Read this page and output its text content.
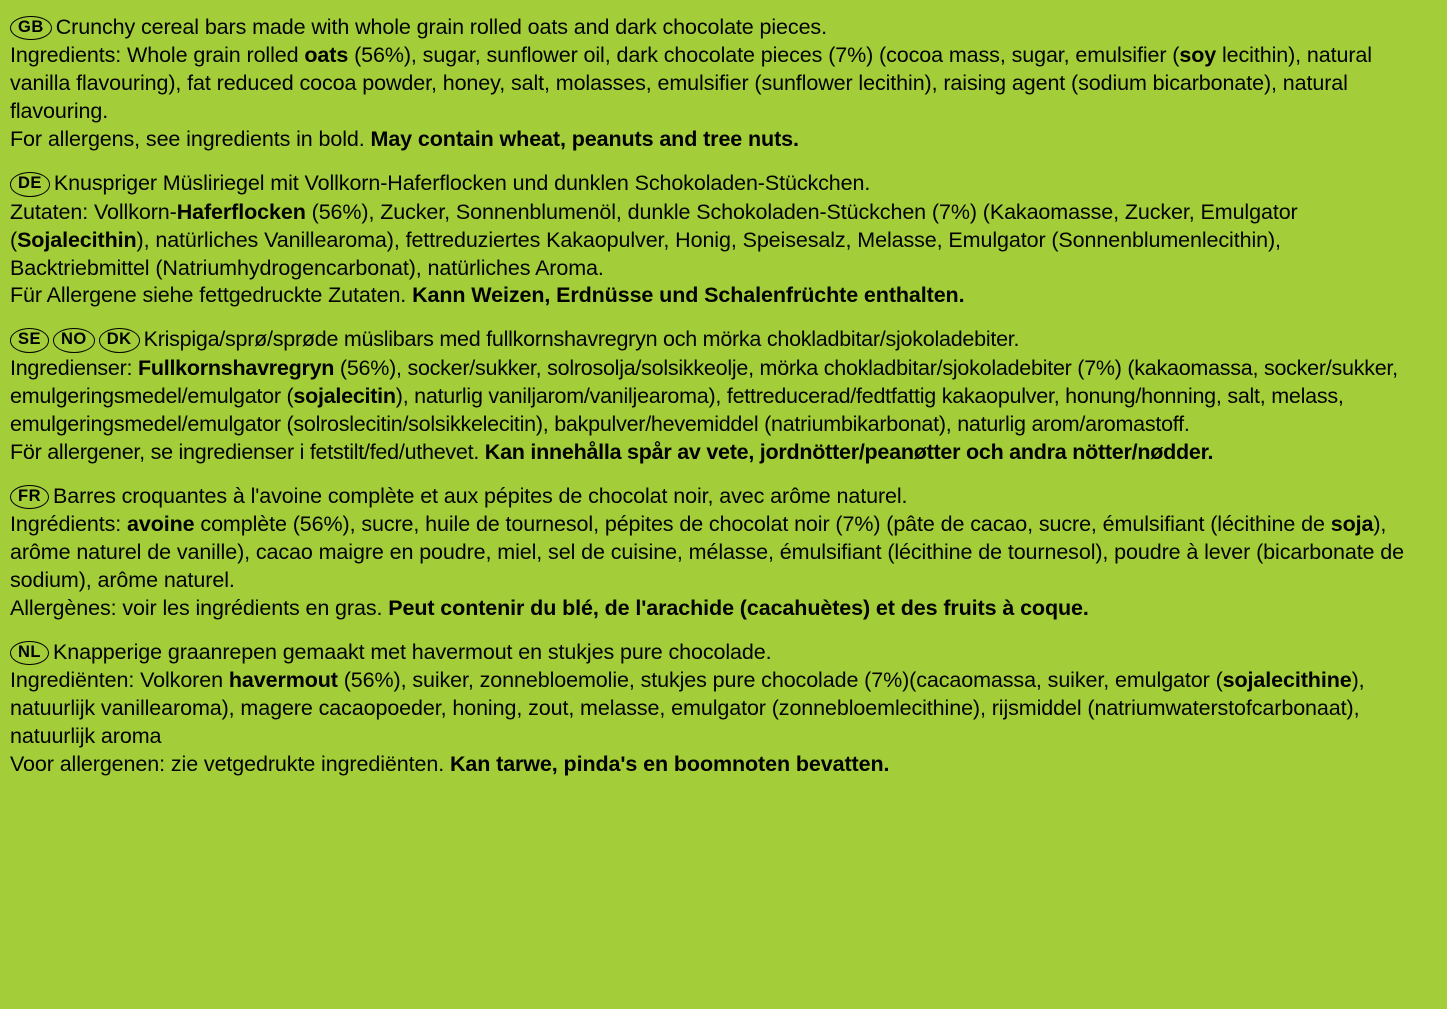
GB Crunchy cereal bars made with whole grain rolled oats and dark chocolate pieces.
Ingredients: Whole grain rolled oats (56%), sugar, sunflower oil, dark chocolate pieces (7%) (cocoa mass, sugar, emulsifier (soy lecithin), natural vanilla flavouring), fat reduced cocoa powder, honey, salt, molasses, emulsifier (sunflower lecithin), raising agent (sodium bicarbonate), natural flavouring.
For allergens, see ingredients in bold. May contain wheat, peanuts and tree nuts.
DE Knuspriger Müsliriegel mit Vollkorn-Haferflocken und dunklen Schokoladen-Stückchen.
Zutaten: Vollkorn-Haferflocken (56%), Zucker, Sonnenblumenöl, dunkle Schokoladen-Stückchen (7%) (Kakaomasse, Zucker, Emulgator (Sojalecithin), natürliches Vanillearoma), fettreduziertes Kakaopulver, Honig, Speisesalz, Melasse, Emulgator (Sonnenblumenlecithin), Backtriebmittel (Natriumhydrogencarbonat), natürliches Aroma.
Für Allergene siehe fettgedruckte Zutaten. Kann Weizen, Erdnüsse und Schalenfrüchte enthalten.
SE NO DK Krispiga/sprø/sprøde müslibars med fullkornshavregryn och mörka chokladbitar/sjokoladebiter.
Ingredienser: Fullkornshavregryn (56%), socker/sukker, solrosolja/solsikkeolje, mörka chokladbitar/sjokoladebiter (7%) (kakaomassa, socker/sukker, emulgeringsmedel/emulgator (sojalecitin), naturlig vaniljarom/vaniljearoma), fettreducerad/fedtfattig kakaopulver, honung/honning, salt, melass, emulgeringsmedel/emulgator (solroslecitin/solsikkelecitin), bakpulver/hevemiddel (natriumbikarbonat), naturlig arom/aromastoff.
För allergener, se ingredienser i fetstilt/fed/uthevet. Kan innehålla spår av vete, jordnötter/peanøtter och andra nötter/nødder.
FR Barres croquantes à l'avoine complète et aux pépites de chocolat noir, avec arôme naturel.
Ingrédients: avoine complète (56%), sucre, huile de tournesol, pépites de chocolat noir (7%) (pâte de cacao, sucre, émulsifiant (lécithine de soja), arôme naturel de vanille), cacao maigre en poudre, miel, sel de cuisine, mélasse, émulsifiant (lécithine de tournesol), poudre à lever (bicarbonate de sodium), arôme naturel.
Allergènes: voir les ingrédients en gras. Peut contenir du blé, de l'arachide (cacahuètes) et des fruits à coque.
NL Knapperige graanrepen gemaakt met havermout en stukjes pure chocolade.
Ingrediënten: Volkoren havermout (56%), suiker, zonnebloemolie, stukjes pure chocolade (7%)(cacaomassa, suiker, emulgator (sojalecithine), natuurlijk vanillearoma), magere cacaopoeder, honing, zout, melasse, emulgator (zonnebloemlecithine), rijsmiddel (natriumwaterstofcarbonaat), natuurlijk aroma
Voor allergenen: zie vetgedrukte ingrediënten. Kan tarwe, pinda's en boomnoten bevatten.
